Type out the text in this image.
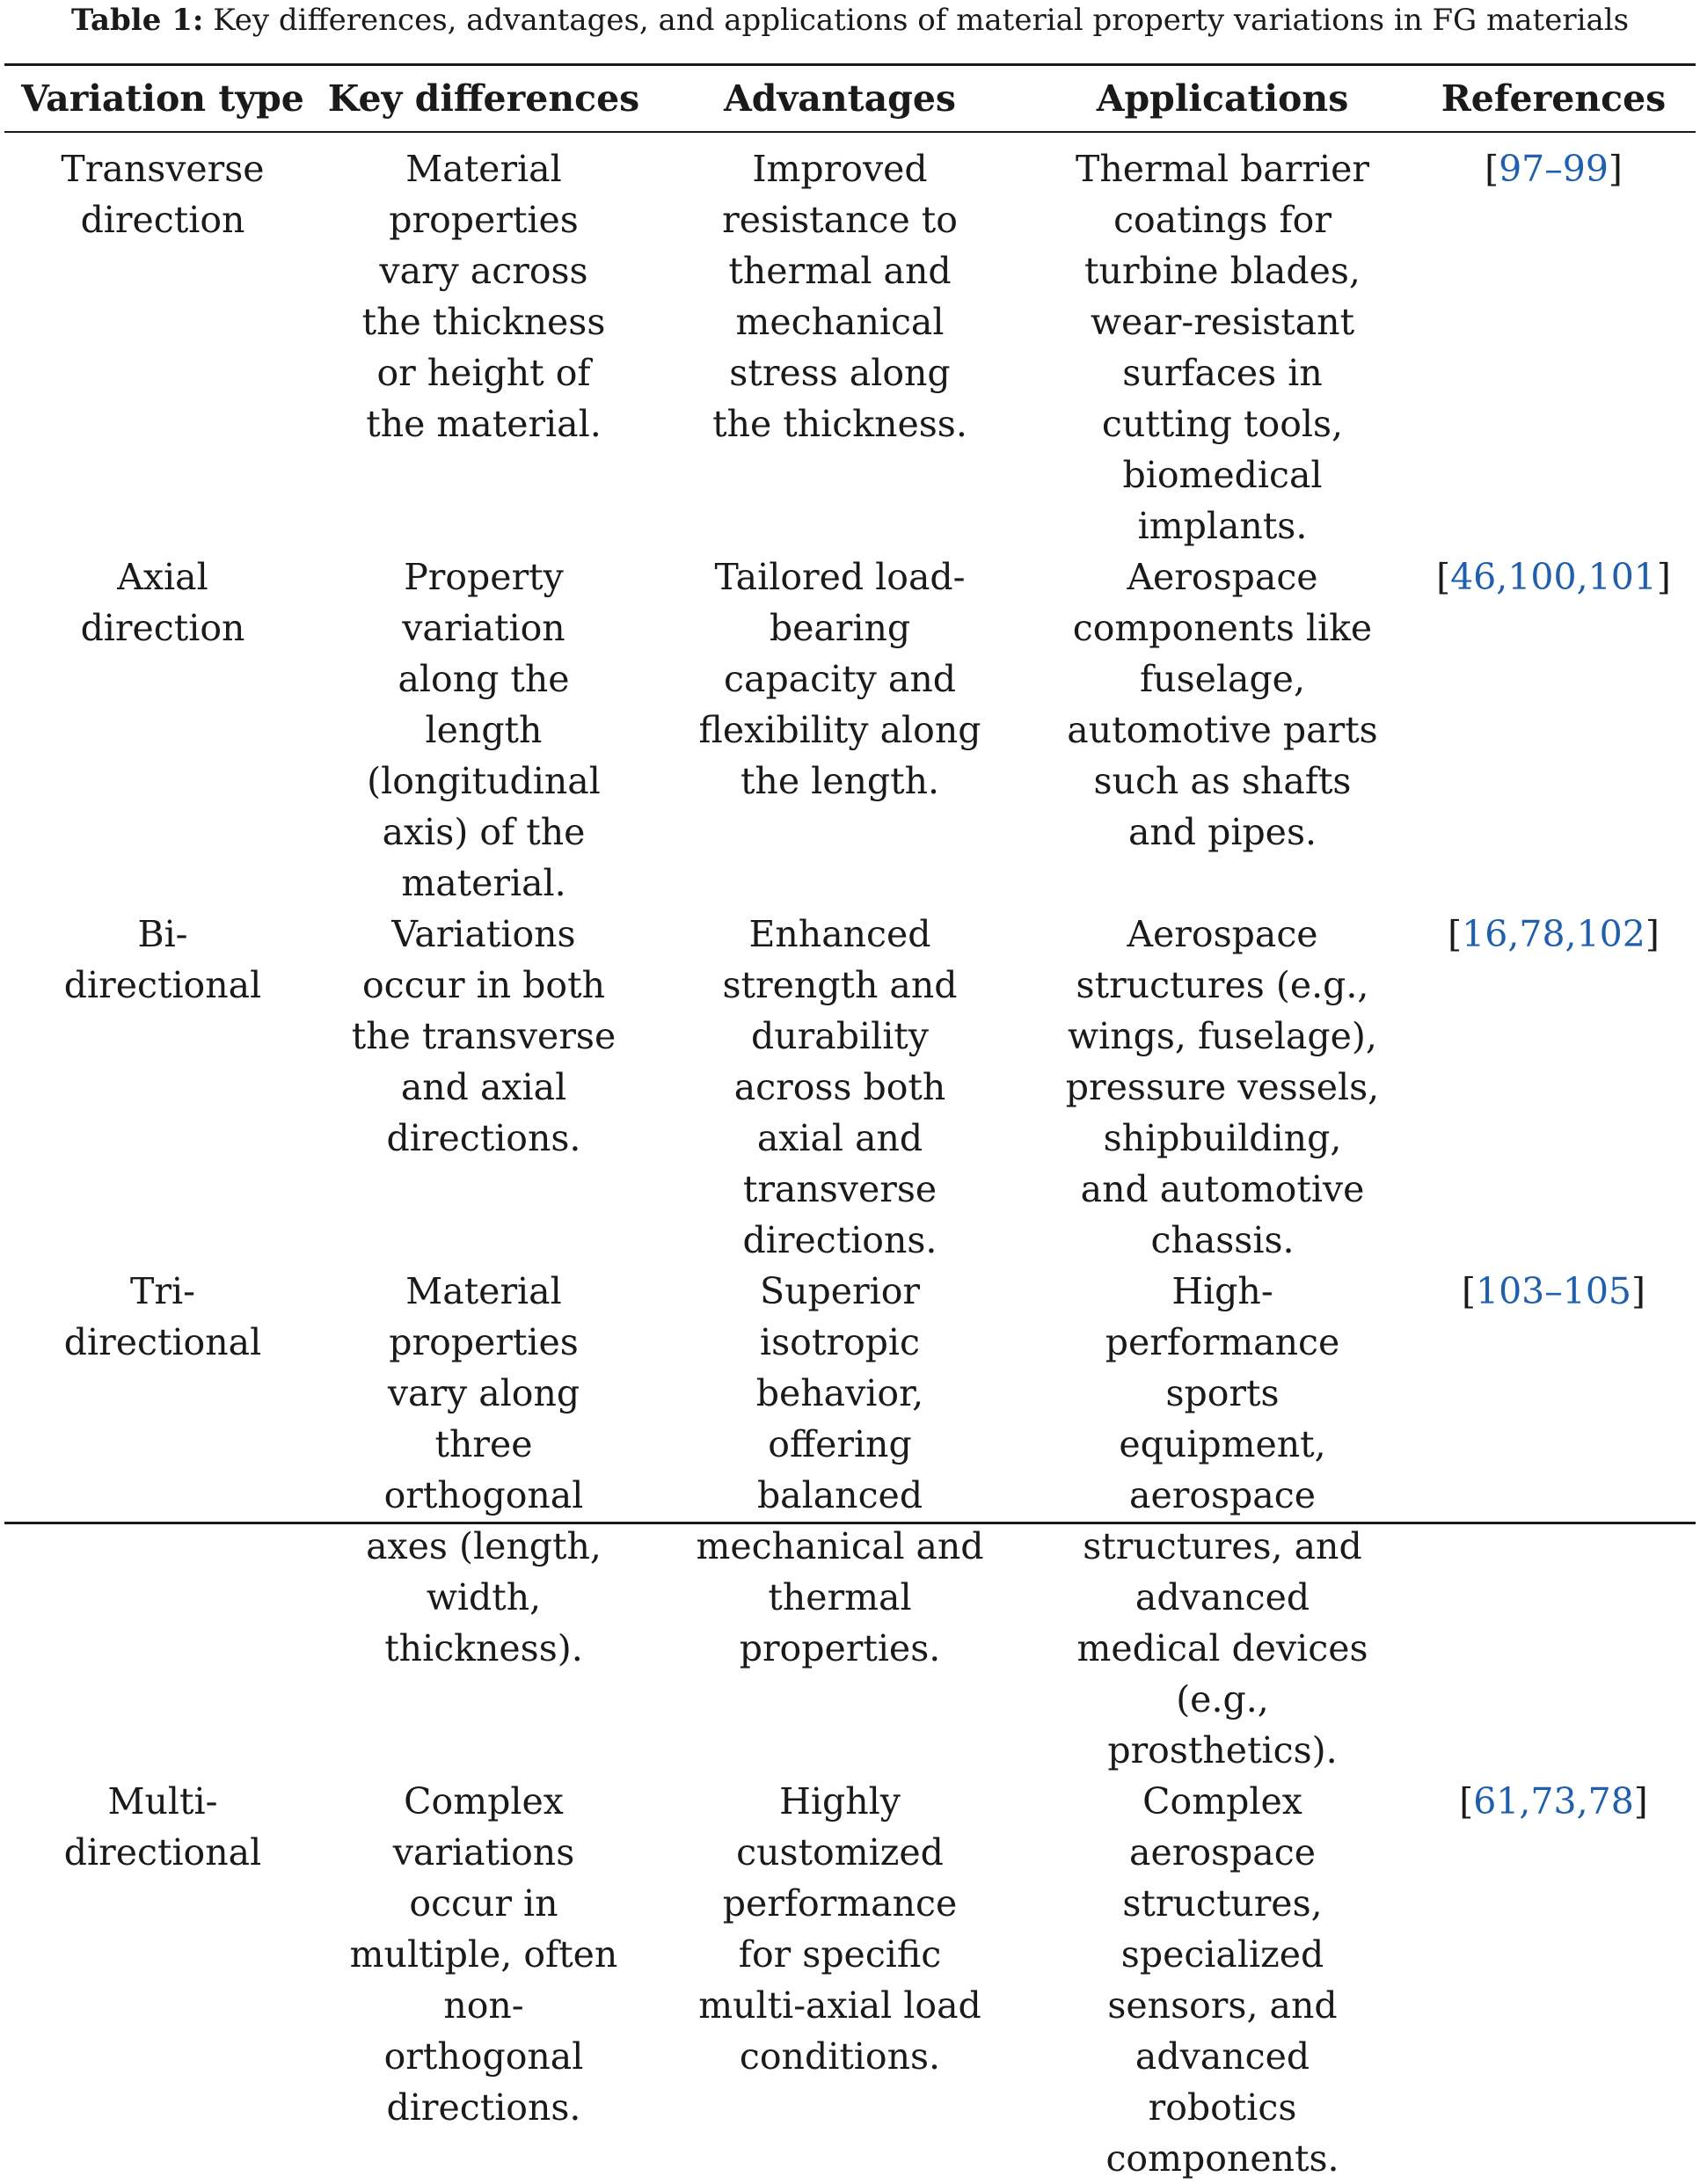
Table 1: Key differences, advantages, and applications of material property variations in FG materials
Variation type	Key differences	Advantages	Applications	References

Transverse direction	Material properties vary across the thickness or height of the material.	Improved resistance to thermal and mechanical stress along the thickness.	Thermal barrier coatings for turbine blades, wear-resistant surfaces in cutting tools, biomedical implants.	[97–99]

Axial direction	Property variation along the length (longitudinal axis) of the material.	Tailored load-bearing capacity and flexibility along the length.	Aerospace components like fuselage, automotive parts such as shafts and pipes.	[46,100,101]

Bi-directional	Variations occur in both the transverse and axial directions.	Enhanced strength and durability across both axial and transverse directions.	Aerospace structures (e.g., wings, fuselage), pressure vessels, shipbuilding, and automotive chassis.	[16,78,102]

Tri-directional	Material properties vary along three orthogonal axes (length, width, thickness).	Superior isotropic behavior, offering balanced mechanical and thermal properties.	High-performance sports equipment, aerospace structures, and advanced medical devices (e.g., prosthetics).	[103–105]

Multi-directional	Complex variations occur in multiple, often non-orthogonal directions.	Highly customized performance for specific multi-axial load conditions.	Complex aerospace structures, specialized sensors, and advanced robotics components.	[61,73,78]
